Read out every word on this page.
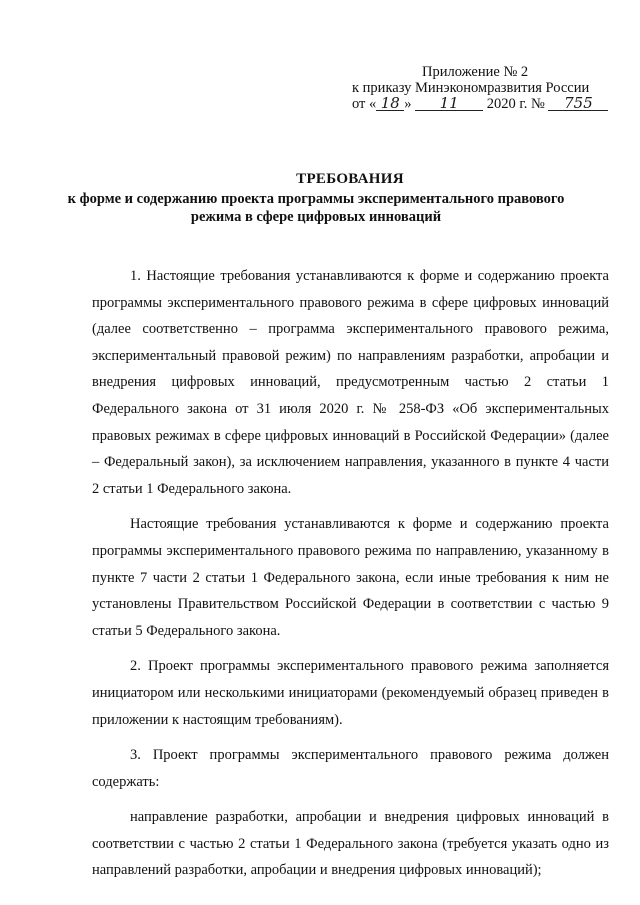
Приложение № 2
к приказу Минэкономразвития России
от « 18 » 11 2020 г. № 755
ТРЕБОВАНИЯ
к форме и содержанию проекта программы экспериментального правового режима в сфере цифровых инноваций

1. Настоящие требования устанавливаются к форме и содержанию проекта программы экспериментального правового режима в сфере цифровых инноваций (далее соответственно – программа экспериментального правового режима, экспериментальный правовой режим) по направлениям разработки, апробации и внедрения цифровых инноваций, предусмотренным частью 2 статьи 1 Федерального закона от 31 июля 2020 г. № 258-ФЗ «Об экспериментальных правовых режимах в сфере цифровых инноваций в Российской Федерации» (далее – Федеральный закон), за исключением направления, указанного в пункте 4 части 2 статьи 1 Федерального закона.

Настоящие требования устанавливаются к форме и содержанию проекта программы экспериментального правового режима по направлению, указанному в пункте 7 части 2 статьи 1 Федерального закона, если иные требования к ним не установлены Правительством Российской Федерации в соответствии с частью 9 статьи 5 Федерального закона.

2. Проект программы экспериментального правового режима заполняется инициатором или несколькими инициаторами (рекомендуемый образец приведен в приложении к настоящим требованиям).

3. Проект программы экспериментального правового режима должен содержать:

направление разработки, апробации и внедрения цифровых инноваций в соответствии с частью 2 статьи 1 Федерального закона (требуется указать одно из направлений разработки, апробации и внедрения цифровых инноваций);
